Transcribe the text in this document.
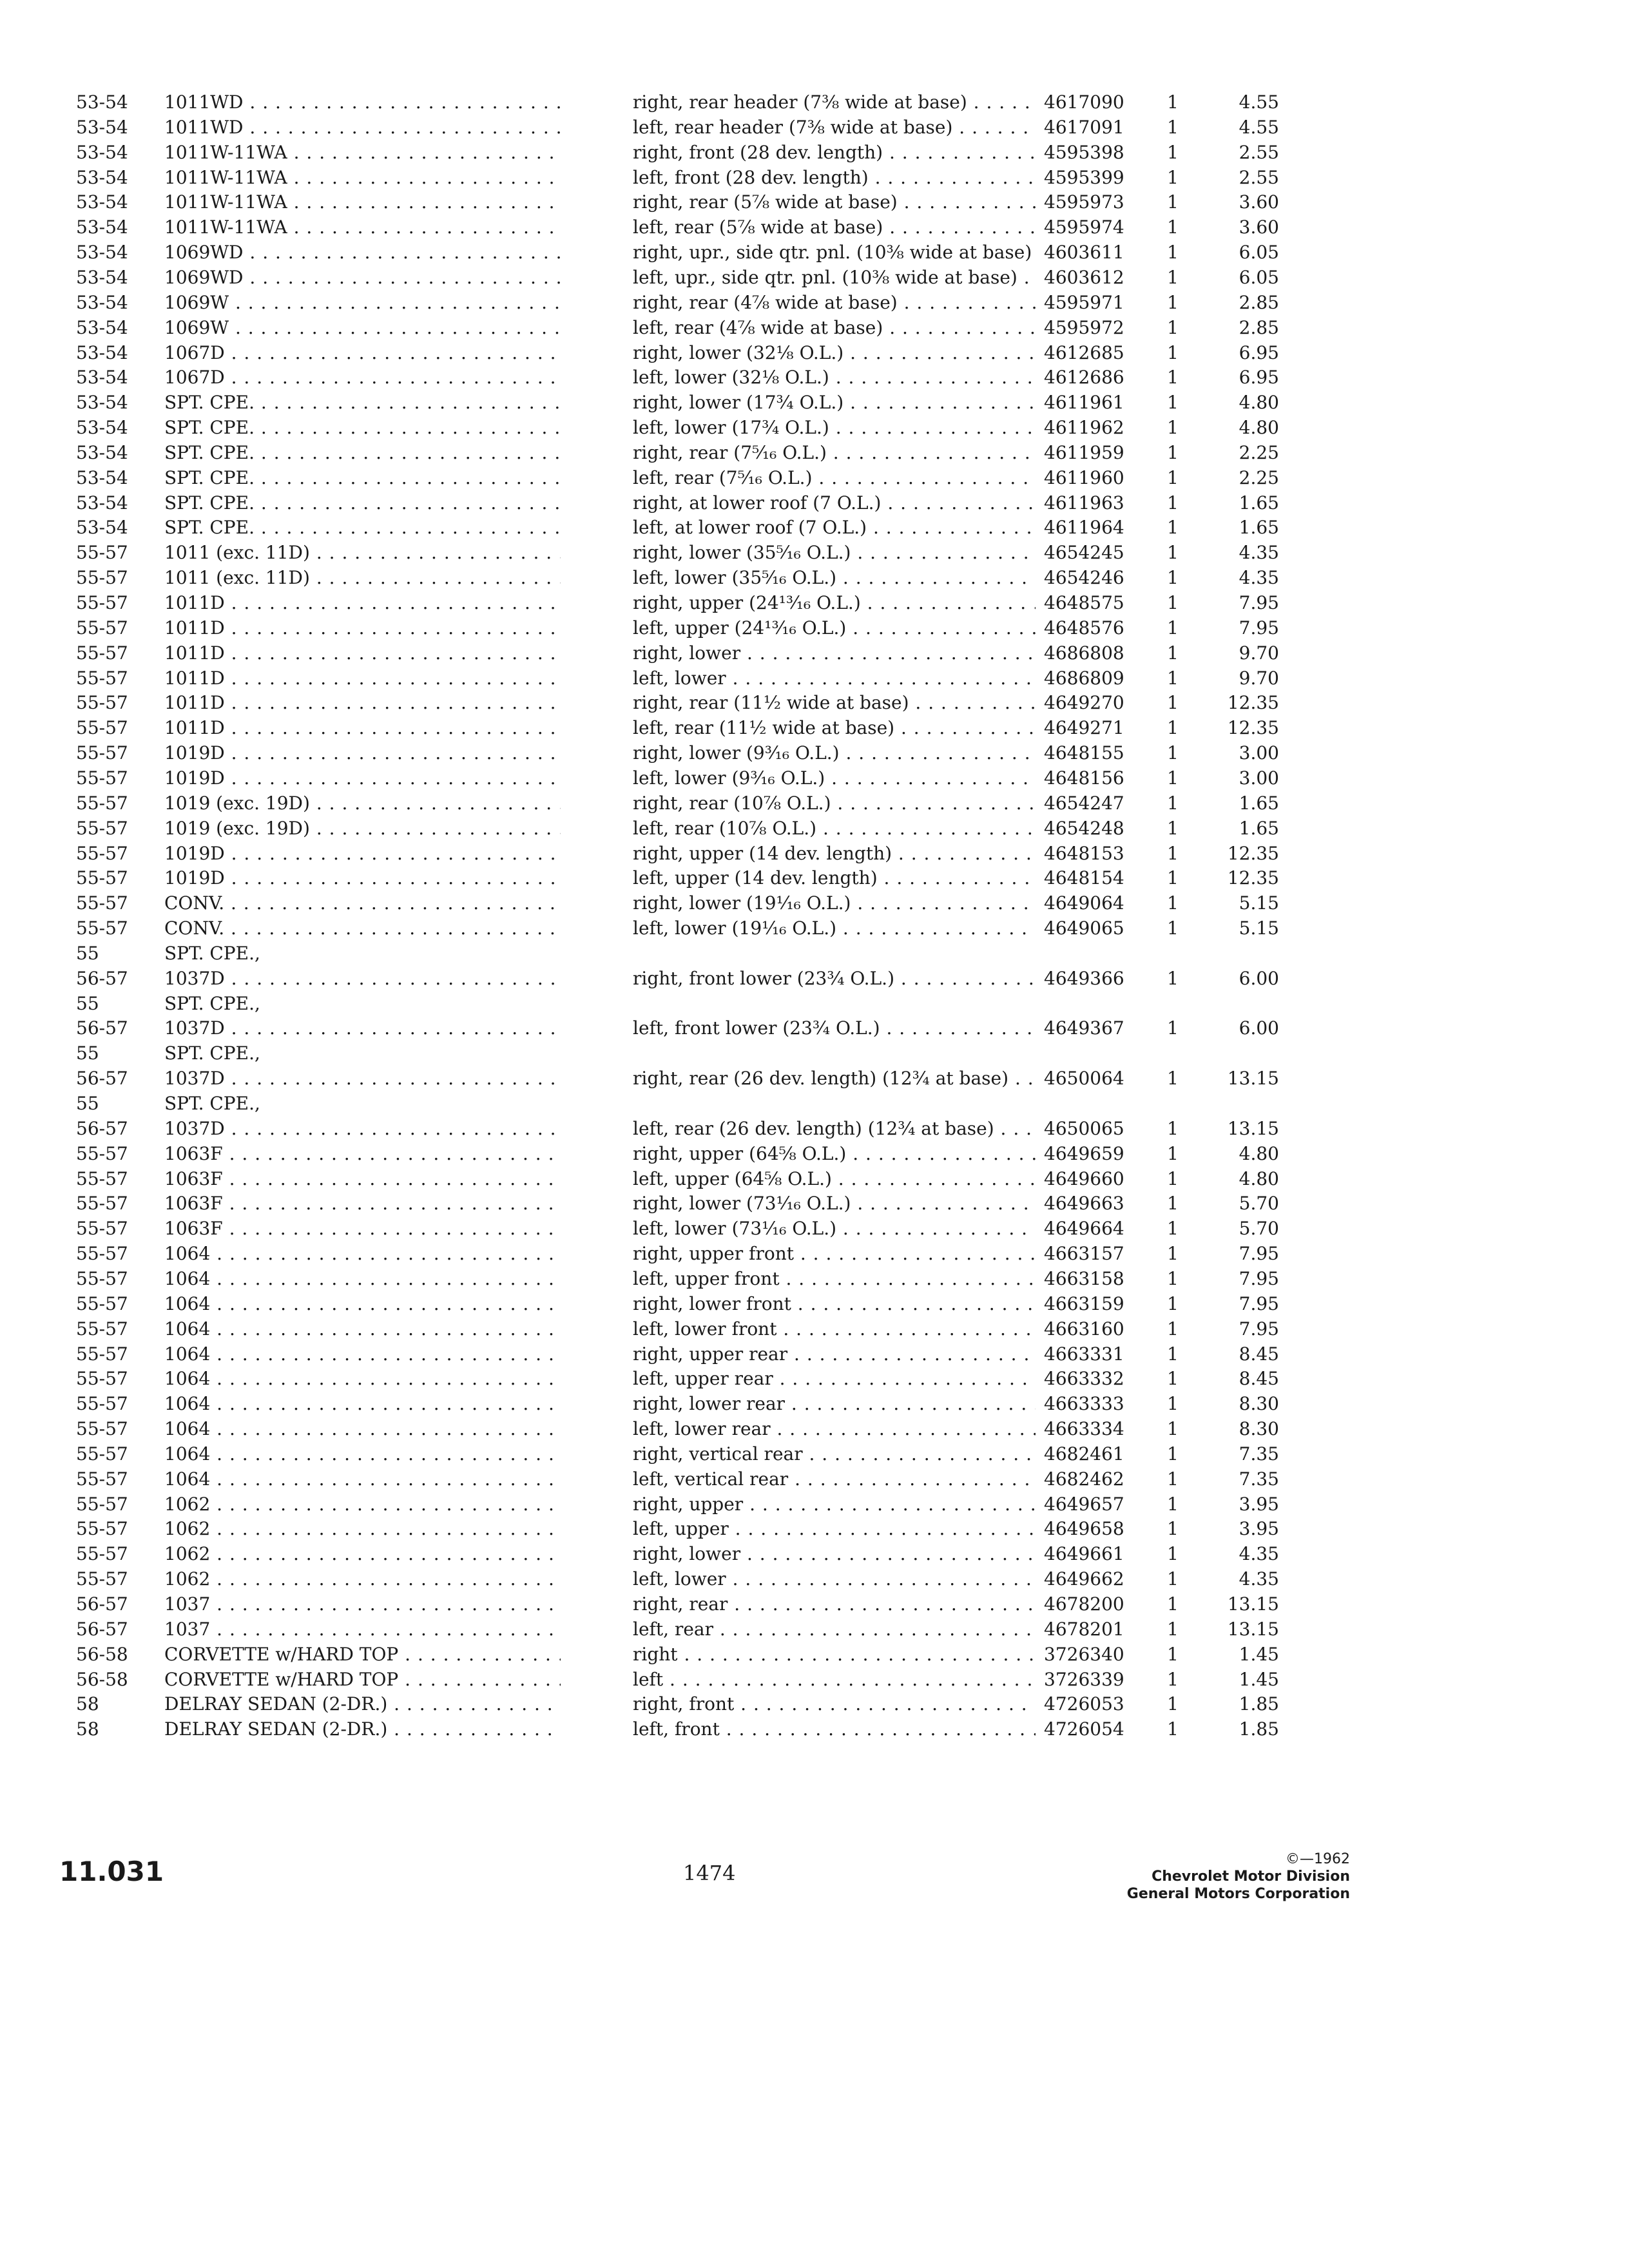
53-54	1011WD . . .	right, rear header (7⅜ wide at base) . . .	4617090	1	4.55
53-54	1011WD . . .	left, rear header (7⅜ wide at base) . . .	4617091	1	4.55
53-54	1011W-11WA . . .	right, front (28 dev. length) . . .	4595398	1	2.55
53-54	1011W-11WA . . .	left, front (28 dev. length) . . .	4595399	1	2.55
53-54	1011W-11WA . . .	right, rear (5⅞ wide at base) . . .	4595973	1	3.60
53-54	1011W-11WA . . .	left, rear (5⅞ wide at base) . . .	4595974	1	3.60
53-54	1069WD . . .	right, upr., side qtr. pnl. (10⅜ wide at base) . . . 4603611	1	6.05
53-54	1069WD . . .	left, upr., side qtr. pnl. (10⅜ wide at base) . . .	4603612	1	6.05
53-54	1069W . . .	right, rear (4⅞ wide at base) . . .	4595971	1	2.85
53-54	1069W . . .	left, rear (4⅞ wide at base) . . .	4595972	1	2.85
53-54	1067D . . .	right, lower (32⅛ O.L.) . . .	4612685	1	6.95
53-54	1067D . . .	left, lower (32⅛ O.L.) . . .	4612686	1	6.95
53-54	SPT. CPE. . . .	right, lower (17¾ O.L.) . . .	4611961	1	4.80
53-54	SPT. CPE. . . .	left, lower (17¾ O.L.) . . .	4611962	1	4.80
53-54	SPT. CPE. . . .	right, rear (7⁵⁄₁₆ O.L.) . . .	4611959	1	2.25
53-54	SPT. CPE. . . .	left, rear (7⁵⁄₁₆ O.L.) . . .	4611960	1	2.25
53-54	SPT. CPE. . . .	right, at lower roof (7 O.L.) . . .	4611963	1	1.65
53-54	SPT. CPE. . . .	left, at lower roof (7 O.L.) . . .	4611964	1	1.65
55-57	1011 (exc. 11D) . . .	right, lower (35⁵⁄₁₆ O.L.) . . .	4654245	1	4.35
55-57	1011 (exc. 11D) . . .	left, lower (35⁵⁄₁₆ O.L.) . . .	4654246	1	4.35
55-57	1011D . . .	right, upper (24¹³⁄₁₆ O.L.) . . .	4648575	1	7.95
55-57	1011D . . .	left, upper (24¹³⁄₁₆ O.L.) . . .	4648576	1	7.95
55-57	1011D . . .	right, lower . . .	4686808	1	9.70
55-57	1011D . . .	left, lower . . .	4686809	1	9.70
55-57	1011D . . .	right, rear (11½ wide at base) . . .	4649270	1	12.35
55-57	1011D . . .	left, rear (11½ wide at base) . . .	4649271	1	12.35
55-57	1019D . . .	right, lower (9³⁄₁₆ O.L.) . . .	4648155	1	3.00
55-57	1019D . . .	left, lower (9³⁄₁₆ O.L.) . . .	4648156	1	3.00
55-57	1019 (exc. 19D) . . .	right, rear (10⅞ O.L.) . . .	4654247	1	1.65
55-57	1019 (exc. 19D) . . .	left, rear (10⅞ O.L.) . . .	4654248	1	1.65
55-57	1019D . . .	right, upper (14 dev. length) . . .	4648153	1	12.35
55-57	1019D . . .	left, upper (14 dev. length) . . .	4648154	1	12.35
55-57	CONV. . . .	right, lower (19¹⁄₁₆ O.L.) . . .	4649064	1	5.15
55-57	CONV. . . .	left, lower (19¹⁄₁₆ O.L.) . . .	4649065	1	5.15
55	SPT. CPE.,
56-57	1037D . . .	right, front lower (23¾ O.L.) . . .	4649366	1	6.00
55	SPT. CPE.,
56-57	1037D . . .	left, front lower (23¾ O.L.) . . .	4649367	1	6.00
55	SPT. CPE.,
56-57	1037D . . .	right, rear (26 dev. length) (12¾ at base) . . .	4650064	1	13.15
55	SPT. CPE.,
56-57	1037D . . .	left, rear (26 dev. length) (12¾ at base) . . .	4650065	1	13.15
55-57	1063F . . .	right, upper (64⅝ O.L.) . . .	4649659	1	4.80
55-57	1063F . . .	left, upper (64⅝ O.L.) . . .	4649660	1	4.80
55-57	1063F . . .	right, lower (73¹⁄₁₆ O.L.) . . .	4649663	1	5.70
55-57	1063F . . .	left, lower (73¹⁄₁₆ O.L.) . . .	4649664	1	5.70
55-57	1064 . . .	right, upper front . . .	4663157	1	7.95
55-57	1064 . . .	left, upper front . . .	4663158	1	7.95
55-57	1064 . . .	right, lower front . . .	4663159	1	7.95
55-57	1064 . . .	left, lower front . . .	4663160	1	7.95
55-57	1064 . . .	right, upper rear . . .	4663331	1	8.45
55-57	1064 . . .	left, upper rear . . .	4663332	1	8.45
55-57	1064 . . .	right, lower rear . . .	4663333	1	8.30
55-57	1064 . . .	left, lower rear . . .	4663334	1	8.30
55-57	1064 . . .	right, vertical rear . . .	4682461	1	7.35
55-57	1064 . . .	left, vertical rear . . .	4682462	1	7.35
55-57	1062 . . .	right, upper . . .	4649657	1	3.95
55-57	1062 . . .	left, upper . . .	4649658	1	3.95
55-57	1062 . . .	right, lower . . .	4649661	1	4.35
55-57	1062 . . .	left, lower . . .	4649662	1	4.35
56-57	1037 . . .	right, rear . . .	4678200	1	13.15
56-57	1037 . . .	left, rear . . .	4678201	1	13.15
56-58	CORVETTE w/HARD TOP . . .	right . . .	3726340	1	1.45
56-58	CORVETTE w/HARD TOP . . .	left . . .	3726339	1	1.45
58	DELRAY SEDAN (2-DR.) . . .	right, front . . .	4726053	1	1.85
58	DELRAY SEDAN (2-DR.) . . .	left, front . . .	4726054	1	1.85
11.031	1474
©—1962
Chevrolet Motor Division
General Motors Corporation
